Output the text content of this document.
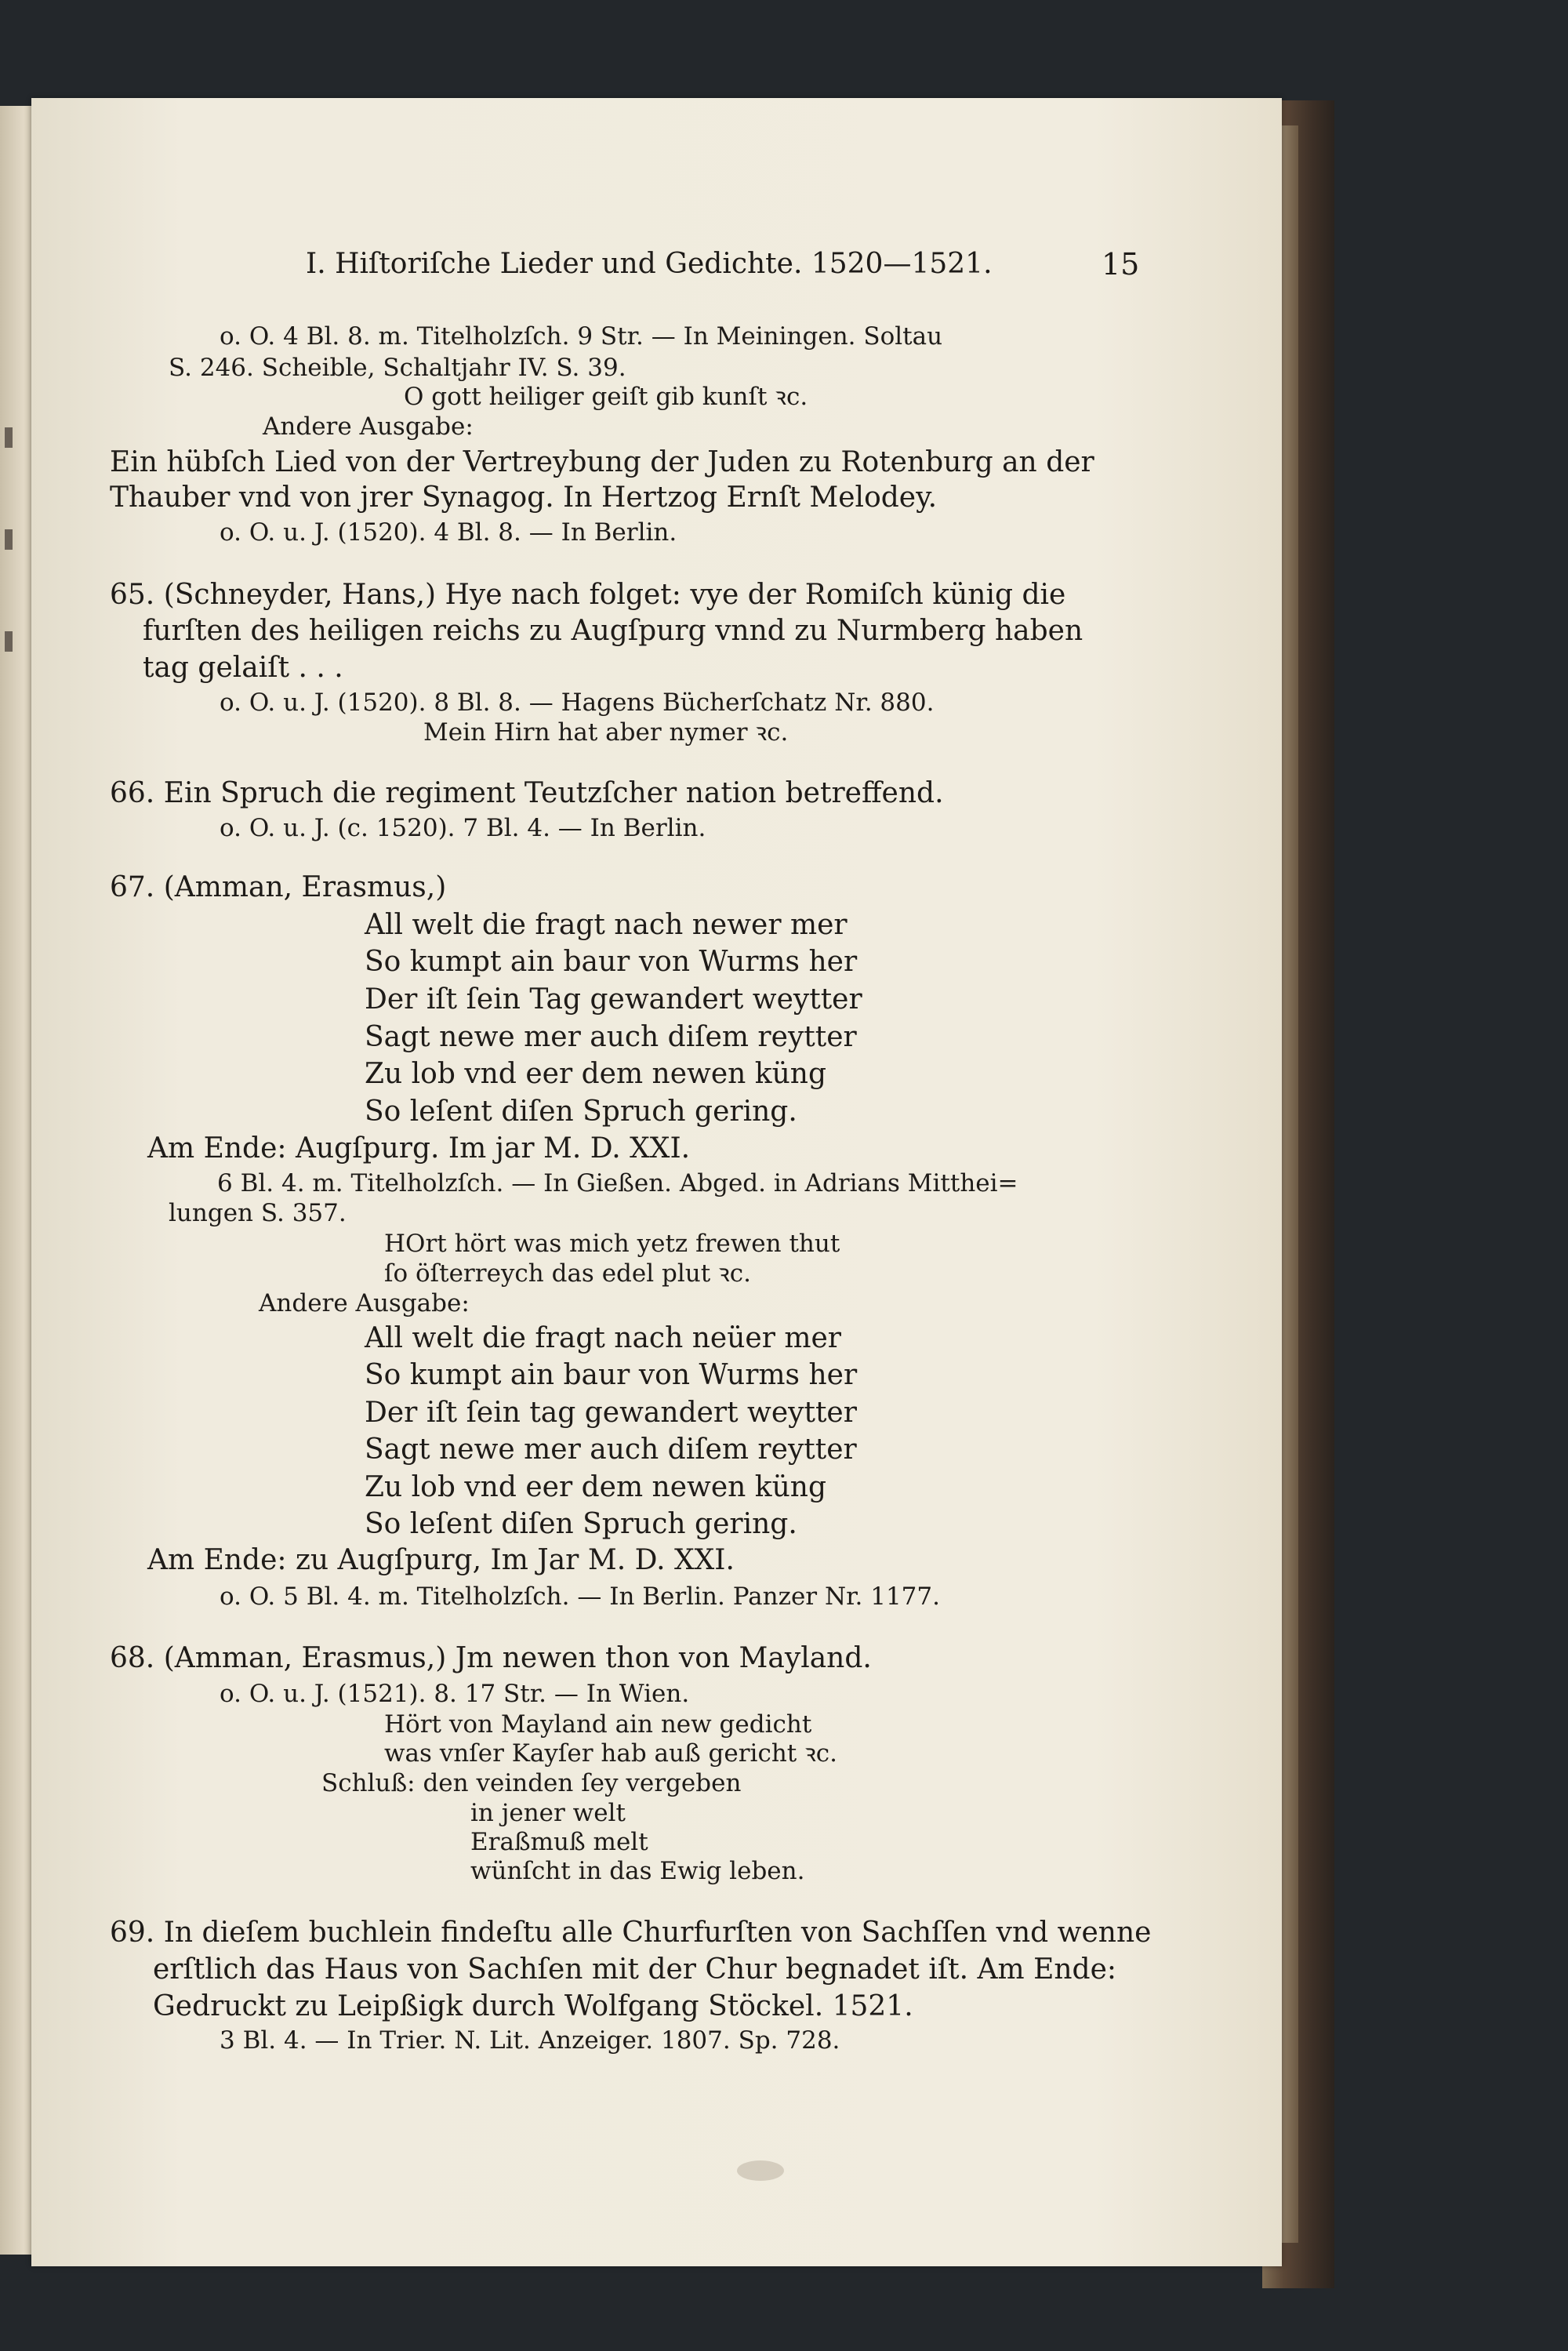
I. Hiſtoriſche Lieder und Gedichte. 1520—1521.	15
o. O. 4 Bl. 8. m. Titelholzſch. 9 Str. — In Meiningen. Soltau
S. 246. Scheible, Schaltjahr IV. S. 39.
O gott heiliger geiſt gib kunſt ꝛc.
Andere Ausgabe:
Ein hübſch Lied von der Vertreybung der Juden zu Rotenburg an der
Thauber vnd von jrer Synagog. In Hertzog Ernſt Melodey.
o. O. u. J. (1520). 4 Bl. 8. — In Berlin.
65. (Schneyder, Hans,) Hye nach folget: vye der Romiſch künig die
furſten des heiligen reichs zu Augſpurg vnnd zu Nurmberg haben
tag gelaiſt . . .
o. O. u. J. (1520). 8 Bl. 8. — Hagens Bücherſchatz Nr. 880.
Mein Hirn hat aber nymer ꝛc.
66. Ein Spruch die regiment Teutzſcher nation betreffend.
o. O. u. J. (c. 1520). 7 Bl. 4. — In Berlin.
67. (Amman, Erasmus,)
All welt die fragt nach newer mer
So kumpt ain baur von Wurms her
Der iſt ſein Tag gewandert weytter
Sagt newe mer auch diſem reytter
Zu lob vnd eer dem newen küng
So leſent diſen Spruch gering.
Am Ende: Augſpurg. Im jar M. D. XXI.
6 Bl. 4. m. Titelholzſch. — In Gießen. Abged. in Adrians Mitthei=
lungen S. 357.
HOrt hört was mich yetz frewen thut
ſo öſterreych das edel plut ꝛc.
Andere Ausgabe:
All welt die fragt nach neüer mer
So kumpt ain baur von Wurms her
Der iſt ſein tag gewandert weytter
Sagt newe mer auch diſem reytter
Zu lob vnd eer dem newen küng
So leſent diſen Spruch gering.
Am Ende: zu Augſpurg, Im Jar M. D. XXI.
o. O. 5 Bl. 4. m. Titelholzſch. — In Berlin. Panzer Nr. 1177.
68. (Amman, Erasmus,) Jm newen thon von Mayland.
o. O. u. J. (1521). 8. 17 Str. — In Wien.
Hört von Mayland ain new gedicht
was vnſer Kayſer hab auß gericht ꝛc.
Schluß: den veinden ſey vergeben
in jener welt
Eraßmuß melt
wünſcht in das Ewig leben.
69. In dieſem buchlein findeſtu alle Churfurſten von Sachſſen vnd wenne
erſtlich das Haus von Sachſen mit der Chur begnadet iſt. Am Ende:
Gedruckt zu Leipßigk durch Wolfgang Stöckel. 1521.
3 Bl. 4. — In Trier. N. Lit. Anzeiger. 1807. Sp. 728.
